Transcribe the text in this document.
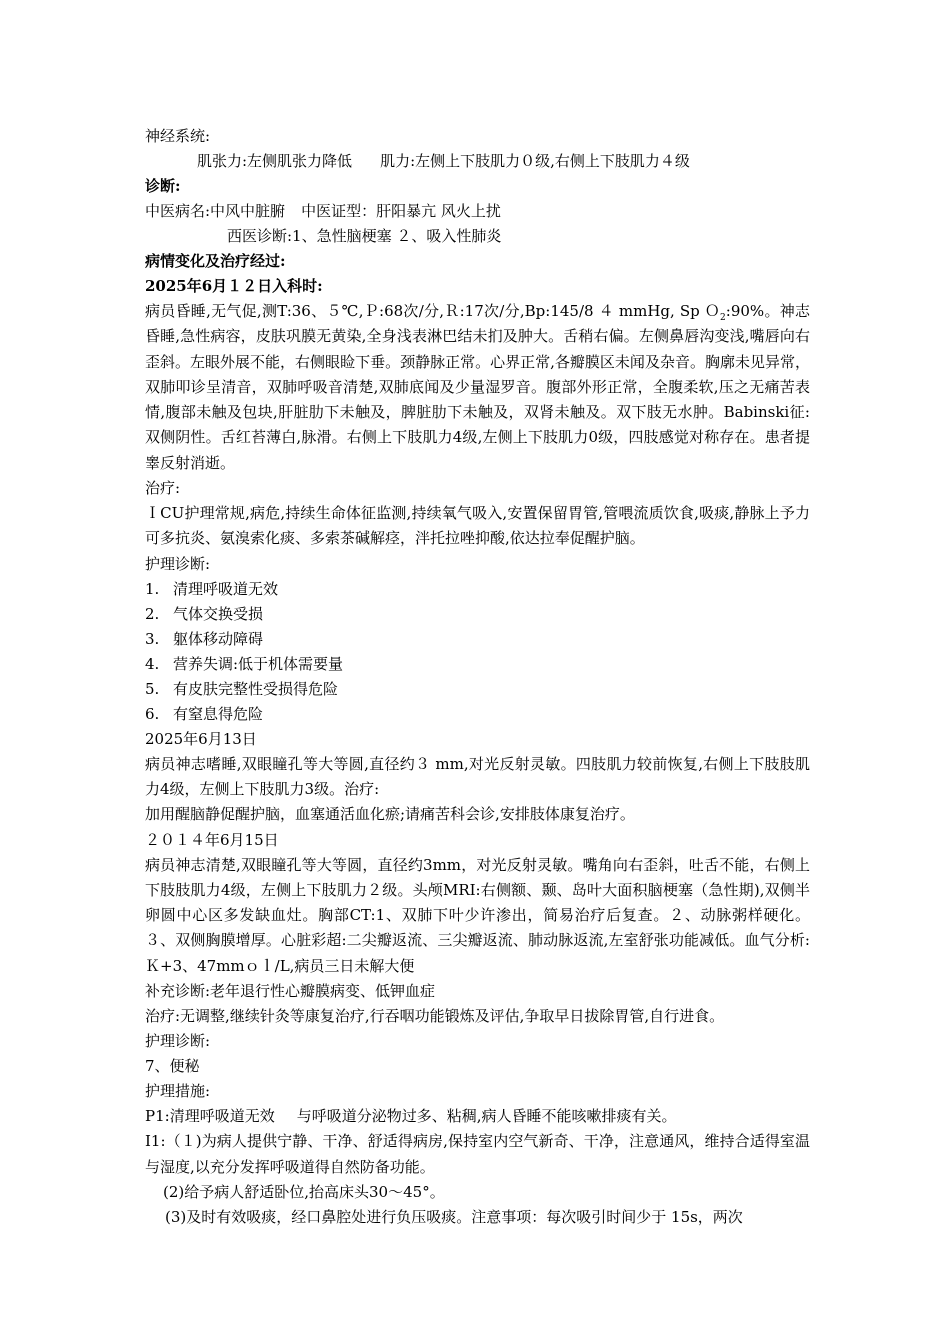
神经系统:

肌张力:左侧肌张力降低 肌力:左侧上下肢肌力０级,右侧上下肢肌力４级

诊断:

中医病名:中风中脏腑 中医证型：肝阳暴亢 风火上扰

西医诊断:1、急性脑梗塞 ２、吸入性肺炎

病情变化及治疗经过:

2025年6月１２日入科时:

病员昏睡,无气促,测T:36、５℃,Ｐ:68次/分,Ｒ:17次/分,Bp:145/8 ４ mmHg, Sp Ｏ$_2$:90%。神志昏睡,急性病容，皮肤巩膜无黄染,全身浅表淋巴结未扪及肿大。舌稍右偏。左侧鼻唇沟变浅,嘴唇向右歪斜。左眼外展不能，右侧眼睑下垂。颈静脉正常。心界正常,各瓣膜区未闻及杂音。胸廓未见异常，双肺叩诊呈清音，双肺呼吸音清楚,双肺底闻及少量湿罗音。腹部外形正常，全腹柔软,压之无痛苦表情,腹部未触及包块,肝脏肋下未触及，脾脏肋下未触及，双肾未触及。双下肢无水肿。Babinski征:双侧阴性。舌红苔薄白,脉滑。右侧上下肢肌力4级,左侧上下肢肌力0级，四肢感觉对称存在。患者提睾反射消逝。

治疗:

ＩCU护理常规,病危,持续生命体征监测,持续氧气吸入,安置保留胃管,管喂流质饮食,吸痰,静脉上予力可多抗炎、氨溴索化痰、多索茶碱解痉，泮托拉唑抑酸,依达拉奉促醒护脑。

护理诊断:

1. 清理呼吸道无效
2. 气体交换受损
3. 躯体移动障碍
4. 营养失调:低于机体需要量
5. 有皮肤完整性受损得危险
6. 有窒息得危险

2025年6月13日

病员神志嗜睡,双眼瞳孔等大等圆,直径约３ mm,对光反射灵敏。四肢肌力较前恢复,右侧上下肢肢肌力4级，左侧上下肢肌力3级。治疗:

加用醒脑静促醒护脑，血塞通活血化瘀;请痛苦科会诊,安排肢体康复治疗。

２０１４年6月15日

病员神志清楚,双眼瞳孔等大等圆，直径约3mm，对光反射灵敏。嘴角向右歪斜，吐舌不能，右侧上下肢肢肌力4级，左侧上下肢肌力２级。头颅MRI:右侧额、颞、岛叶大面积脑梗塞（急性期),双侧半卵圆中心区多发缺血灶。胸部CT:1、双肺下叶少许渗出，简易治疗后复查。２、动脉粥样硬化。３、双侧胸膜增厚。心脏彩超:二尖瓣返流、三尖瓣返流、肺动脉返流,左室舒张功能减低。血气分析:Ｋ+3、47mmｏｌ/L,病员三日未解大便

补充诊断:老年退行性心瓣膜病变、低钾血症

治疗:无调整,继续针灸等康复治疗,行吞咽功能锻炼及评估,争取早日拔除胃管,自行进食。

护理诊断:

7、便秘

护理措施:

P1:清理呼吸道无效 与呼吸道分泌物过多、粘稠,病人昏睡不能咳嗽排痰有关。

I1:（１)为病人提供宁静、干净、舒适得病房,保持室内空气新奇、干净，注意通风，维持合适得室温与湿度,以充分发挥呼吸道得自然防备功能。

(2)给予病人舒适卧位,抬高床头30～45°。

(3)及时有效吸痰，经口鼻腔处进行负压吸痰。注意事项：每次吸引时间少于 15s，两次
